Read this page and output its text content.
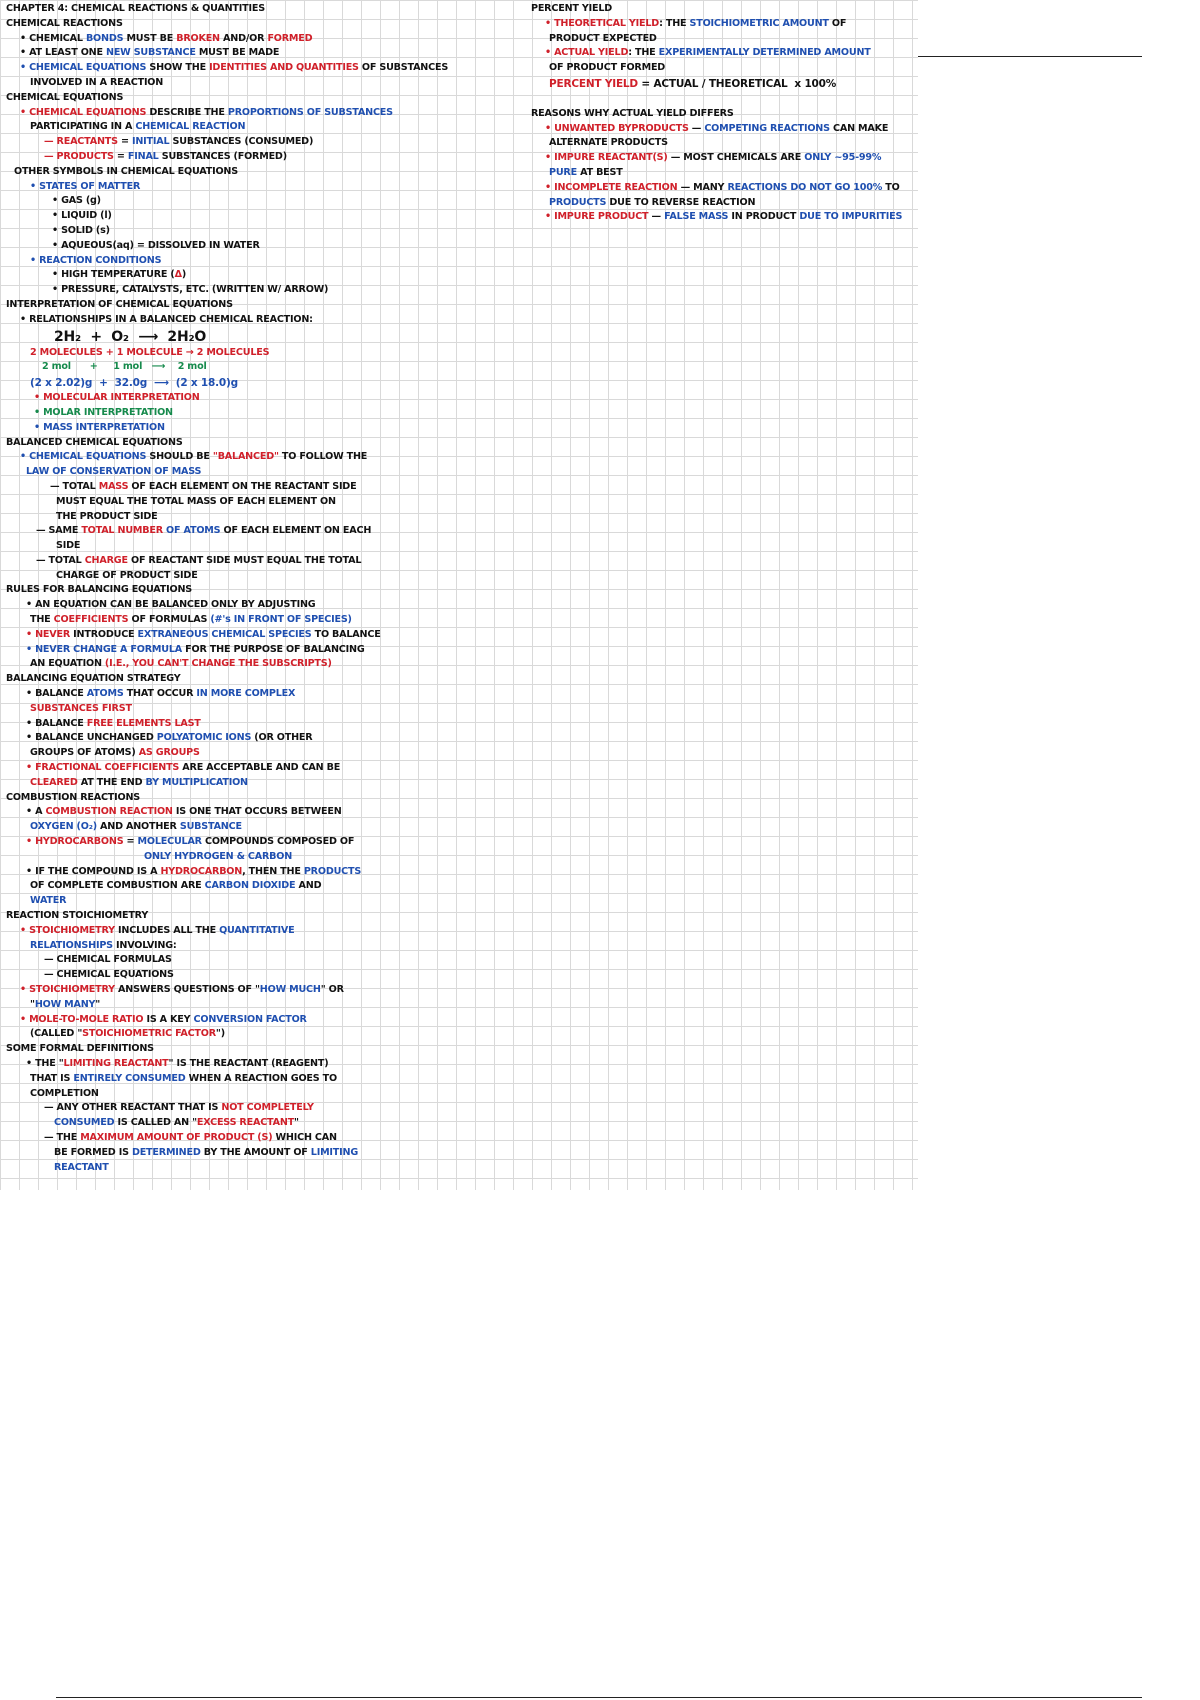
CHAPTER 4: CHEMICAL REACTIONS & QUANTITIES
CHEMICAL REACTIONS
• CHEMICAL BONDS MUST BE BROKEN AND/OR FORMED
• AT LEAST ONE NEW SUBSTANCE MUST BE MADE
• CHEMICAL EQUATIONS SHOW THE IDENTITIES AND QUANTITIES OF SUBSTANCES
INVOLVED IN A REACTION
CHEMICAL EQUATIONS
• CHEMICAL EQUATIONS DESCRIBE THE PROPORTIONS OF SUBSTANCES
PARTICIPATING IN A CHEMICAL REACTION
— REACTANTS = INITIAL SUBSTANCES (CONSUMED)
— PRODUCTS = FINAL SUBSTANCES (FORMED)
OTHER SYMBOLS IN CHEMICAL EQUATIONS
• STATES OF MATTER
• GAS (g)
• LIQUID (l)
• SOLID (s)
• AQUEOUS(aq) = DISSOLVED IN WATER
• REACTION CONDITIONS
• HIGH TEMPERATURE (Δ)
• PRESSURE, CATALYSTS, ETC. (WRITTEN W/ ARROW)
INTERPRETATION OF CHEMICAL EQUATIONS
• RELATIONSHIPS IN A BALANCED CHEMICAL REACTION:
2H₂  +  O₂  ⟶  2H₂O
2 MOLECULES + 1 MOLECULE → 2 MOLECULES
2 mol      +     1 mol   ⟶    2 mol
(2 x 2.02)g  +  32.0g  ⟶  (2 x 18.0)g
• MOLECULAR INTERPRETATION
• MOLAR INTERPRETATION
• MASS INTERPRETATION
BALANCED CHEMICAL EQUATIONS
• CHEMICAL EQUATIONS SHOULD BE "BALANCED" TO FOLLOW THE
LAW OF CONSERVATION OF MASS
— TOTAL MASS OF EACH ELEMENT ON THE REACTANT SIDE
MUST EQUAL THE TOTAL MASS OF EACH ELEMENT ON
THE PRODUCT SIDE
— SAME TOTAL NUMBER OF ATOMS OF EACH ELEMENT ON EACH
SIDE
— TOTAL CHARGE OF REACTANT SIDE MUST EQUAL THE TOTAL
CHARGE OF PRODUCT SIDE
RULES FOR BALANCING EQUATIONS
• AN EQUATION CAN BE BALANCED ONLY BY ADJUSTING
THE COEFFICIENTS OF FORMULAS (#'s IN FRONT OF SPECIES)
• NEVER INTRODUCE EXTRANEOUS CHEMICAL SPECIES TO BALANCE
• NEVER CHANGE A FORMULA FOR THE PURPOSE OF BALANCING
AN EQUATION (I.E., YOU CAN'T CHANGE THE SUBSCRIPTS)
BALANCING EQUATION STRATEGY
• BALANCE ATOMS THAT OCCUR IN MORE COMPLEX
SUBSTANCES FIRST
• BALANCE FREE ELEMENTS LAST
• BALANCE UNCHANGED POLYATOMIC IONS (OR OTHER
GROUPS OF ATOMS) AS GROUPS
• FRACTIONAL COEFFICIENTS ARE ACCEPTABLE AND CAN BE
CLEARED AT THE END BY MULTIPLICATION
COMBUSTION REACTIONS
• A COMBUSTION REACTION IS ONE THAT OCCURS BETWEEN
OXYGEN (O₂) AND ANOTHER SUBSTANCE
• HYDROCARBONS = MOLECULAR COMPOUNDS COMPOSED OF
ONLY HYDROGEN & CARBON
• IF THE COMPOUND IS A HYDROCARBON, THEN THE PRODUCTS
OF COMPLETE COMBUSTION ARE CARBON DIOXIDE AND
WATER
REACTION STOICHIOMETRY
• STOICHIOMETRY INCLUDES ALL THE QUANTITATIVE
RELATIONSHIPS INVOLVING:
— CHEMICAL FORMULAS
— CHEMICAL EQUATIONS
• STOICHIOMETRY ANSWERS QUESTIONS OF "HOW MUCH" OR
"HOW MANY"
• MOLE-TO-MOLE RATIO IS A KEY CONVERSION FACTOR
(CALLED "STOICHIOMETRIC FACTOR")
SOME FORMAL DEFINITIONS
• THE "LIMITING REACTANT" IS THE REACTANT (REAGENT)
THAT IS ENTIRELY CONSUMED WHEN A REACTION GOES TO
COMPLETION
— ANY OTHER REACTANT THAT IS NOT COMPLETELY
CONSUMED IS CALLED AN "EXCESS REACTANT"
— THE MAXIMUM AMOUNT OF PRODUCT (S) WHICH CAN
BE FORMED IS DETERMINED BY THE AMOUNT OF LIMITING
REACTANT
PERCENT YIELD
• THEORETICAL YIELD: THE STOICHIOMETRIC AMOUNT OF
PRODUCT EXPECTED
• ACTUAL YIELD: THE EXPERIMENTALLY DETERMINED AMOUNT
OF PRODUCT FORMED
PERCENT YIELD = ACTUAL / THEORETICAL  x 100%

REASONS WHY ACTUAL YIELD DIFFERS
• UNWANTED BYPRODUCTS — COMPETING REACTIONS CAN MAKE
ALTERNATE PRODUCTS
• IMPURE REACTANT(S) — MOST CHEMICALS ARE ONLY ~95-99%
PURE AT BEST
• INCOMPLETE REACTION — MANY REACTIONS DO NOT GO 100% TO
PRODUCTS DUE TO REVERSE REACTION
• IMPURE PRODUCT — FALSE MASS IN PRODUCT DUE TO IMPURITIES
